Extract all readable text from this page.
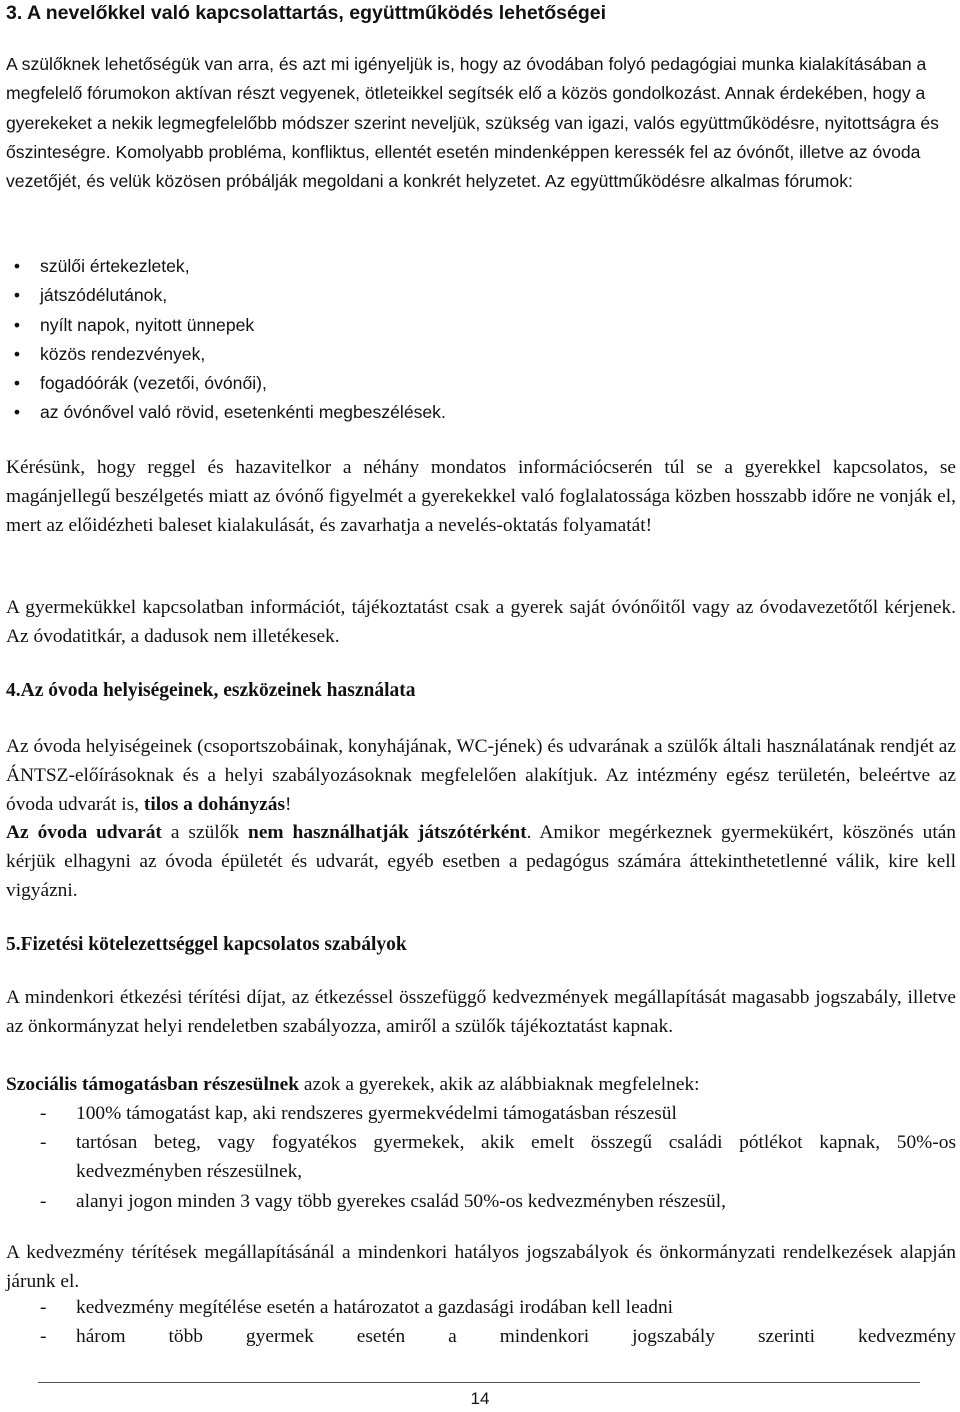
3. A nevelőkkel való kapcsolattartás, együttműködés lehetőségei
A szülőknek lehetőségük van arra, és azt mi igényeljük is, hogy az óvodában folyó pedagógiai munka kialakításában a megfelelő fórumokon aktívan részt vegyenek, ötleteikkel segítsék elő a közös gondolkozást. Annak érdekében, hogy a gyerekeket a nekik legmegfelelőbb módszer szerint neveljük, szükség van igazi, valós együttműködésre, nyitottságra és őszinteségre. Komolyabb probléma, konfliktus, ellentét esetén mindenképpen keressék fel az óvónőt, illetve az óvoda vezetőjét, és velük közösen próbálják megoldani a konkrét helyzetet. Az együttműködésre alkalmas fórumok:
•	szülői értekezletek,
•	játszódélutánok,
•	nyílt napok, nyitott ünnepek
•	közös rendezvények,
•	fogadóórák (vezetői, óvónői),
•	az óvónővel való rövid, esetenkénti megbeszélések.
Kérésünk, hogy reggel és hazavitelkor a néhány mondatos információcserén túl se a gyerekkel kapcsolatos, se magánjellegű beszélgetés miatt az óvónő figyelmét a gyerekekkel való foglalatossága közben hosszabb időre ne vonják el, mert az előidézheti baleset kialakulását, és zavarhatja a nevelés-oktatás folyamatát!
A gyermekükkel kapcsolatban információt, tájékoztatást csak a gyerek saját óvónőitől vagy az óvodavezetőtől kérjenek. Az óvodatitkár, a dadusok nem illetékesek.
4.Az óvoda helyiségeinek, eszközeinek használata
Az óvoda helyiségeinek (csoportszobáinak, konyhájának, WC-jének) és udvarának a szülők általi használatának rendjét az ÁNTSZ-előírásoknak és a helyi szabályozásoknak megfelelően alakítjuk. Az intézmény egész területén, beleértve az óvoda udvarát is, tilos a dohányzás!
Az óvoda udvarát a szülők nem használhatják játszótérként. Amikor megérkeznek gyermekükért, köszönés után kérjük elhagyni az óvoda épületét és udvarát, egyéb esetben a pedagógus számára áttekinthetetlenné válik, kire kell vigyázni.
5.Fizetési kötelezettséggel kapcsolatos szabályok
A mindenkori étkezési térítési díjat, az étkezéssel összefüggő kedvezmények megállapítását magasabb jogszabály, illetve az önkormányzat helyi rendeletben szabályozza, amiről a szülők tájékoztatást kapnak.
Szociális támogatásban részesülnek azok a gyerekek, akik az alábbiaknak megfelelnek:
- 100% támogatást kap, aki rendszeres gyermekvédelmi támogatásban részesül
- tartósan beteg, vagy fogyatékos gyermekek, akik emelt összegű családi pótlékot kapnak, 50%-os kedvezményben részesülnek,
- alanyi jogon minden 3 vagy több gyerekes család 50%-os kedvezményben részesül,
A kedvezmény térítések megállapításánál a mindenkori hatályos jogszabályok és önkormányzati rendelkezések alapján járunk el.
- kedvezmény megítélése esetén a határozatot a gazdasági irodában kell leadni
- három több gyermek esetén a mindenkori jogszabály szerinti kedvezmény
14
